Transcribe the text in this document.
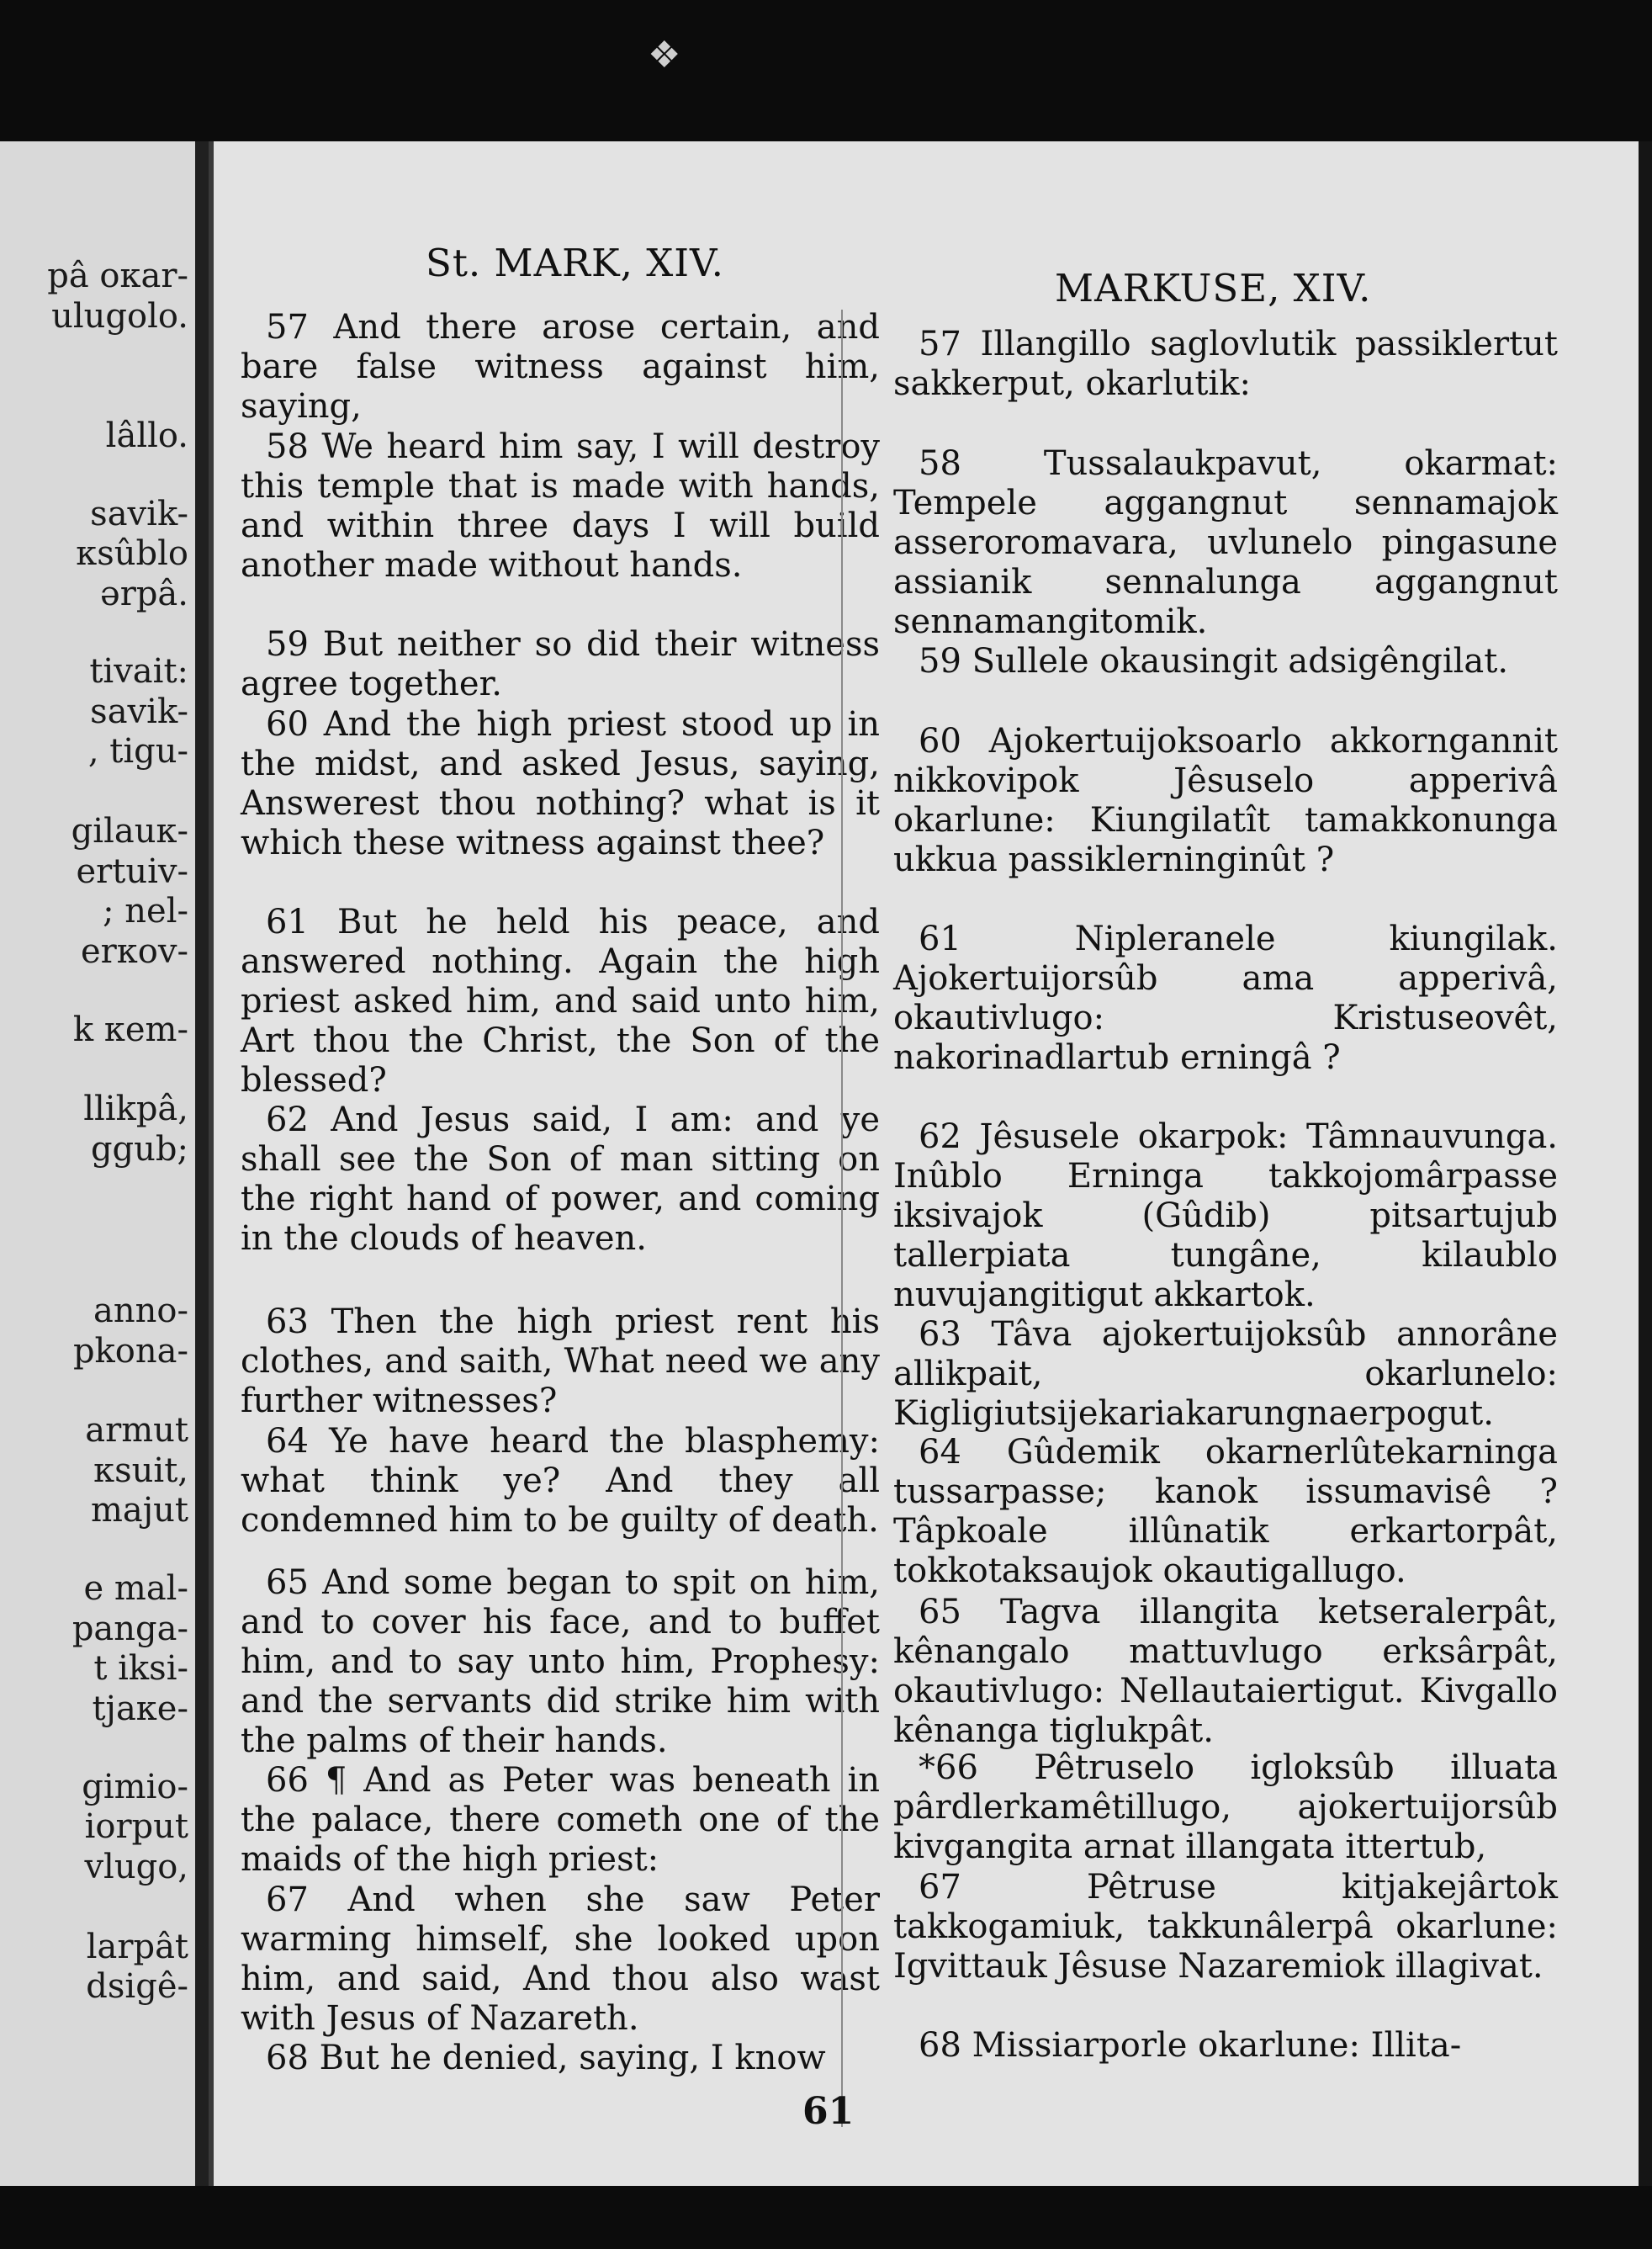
❖
pâ oκar-
ulugolo.
lâllo.
savik-
κsûblo
ǝrpâ.
tivait:
savik-
, tigu-
gilauκ-
ertuiv-
; nel-
erκov-
k κem-
llikpâ,
ggub;
anno-
pkona-
armut
κsuit,
majut
e mal-
panga-
t iksi-
tjaκe-
gimio-
iorput
vlugo,
larpât
dsigê-
St. MARK, XIV.
MARKUSE, XIV.

57 And there arose certain, and bare false witness against him, saying,

58 We heard him say, I will destroy this temple that is made with hands, and within three days I will build another made without hands.

59 But neither so did their witness agree together.

60 And the high priest stood up in the midst, and asked Jesus, saying, Answerest thou nothing? what is it which these witness against thee?

61 But he held his peace, and answered nothing. Again the high priest asked him, and said unto him, Art thou the Christ, the Son of the blessed?

62 And Jesus said, I am: and ye shall see the Son of man sitting on the right hand of power, and coming in the clouds of heaven.

63 Then the high priest rent his clothes, and saith, What need we any further witnesses?

64 Ye have heard the blasphemy: what think ye? And they all condemned him to be guilty of death.

65 And some began to spit on him, and to cover his face, and to buffet him, and to say unto him, Prophesy: and the servants did strike him with the palms of their hands.

66 ¶ And as Peter was beneath in the palace, there cometh one of the maids of the high priest:

67 And when she saw Peter warming himself, she looked upon him, and said, And thou also wast with Jesus of Nazareth.

68 But he denied, saying, I know

57 Illangillo saglovlutik passiklertut sakkerput, okarlutik:

58 Tussalaukpavut, okarmat: Tempele aggangnut sennamajok asseroromavara, uvlunelo pingasune assianik sennalunga aggangnut sennamangitomik.

59 Sullele okausingit adsigêngilat.

60 Ajokertuijoksoarlo akkorngannit nikkovipok Jêsuselo apperivâ okarlune: Kiungilatît tamakkonunga ukkua passiklerninginût ?

61 Nipleranele kiungilak. Ajokertuijorsûb ama apperivâ, okautivlugo: Kristuseovêt, nakorinadlartub erningâ ?

62 Jêsusele okarpok: Tâmnauvunga. Inûblo Erninga takkojomârpasse iksivajok (Gûdib) pitsartujub tallerpiata tungâne, kilaublo nuvujangitigut akkartok.

63 Tâva ajokertuijoksûb annorâne allikpait, okarlunelo: Kigligiutsijekariakarungnaerpogut.

64 Gûdemik okarnerlûtekarninga tussarpasse; kanok issumavisê ? Tâpkoale illûnatik erkartorpât, tokkotaksaujok okautigallugo.

65 Tagva illangita ketseralerpât, kênangalo mattuvlugo erksârpât, okautivlugo: Nellautaiertigut. Kivgallo kênanga tiglukpât.

*66 Pêtruselo igloksûb illuata pârdlerkamêtillugo, ajokertuijorsûb kivgangita arnat illangata ittertub,

67 Pêtruse kitjakejârtok takkogamiuk, takkunâlerpâ okarlune: Igvittauk Jêsuse Nazaremiok illagivat.

68 Missiarporle okarlune: Illita-

61
